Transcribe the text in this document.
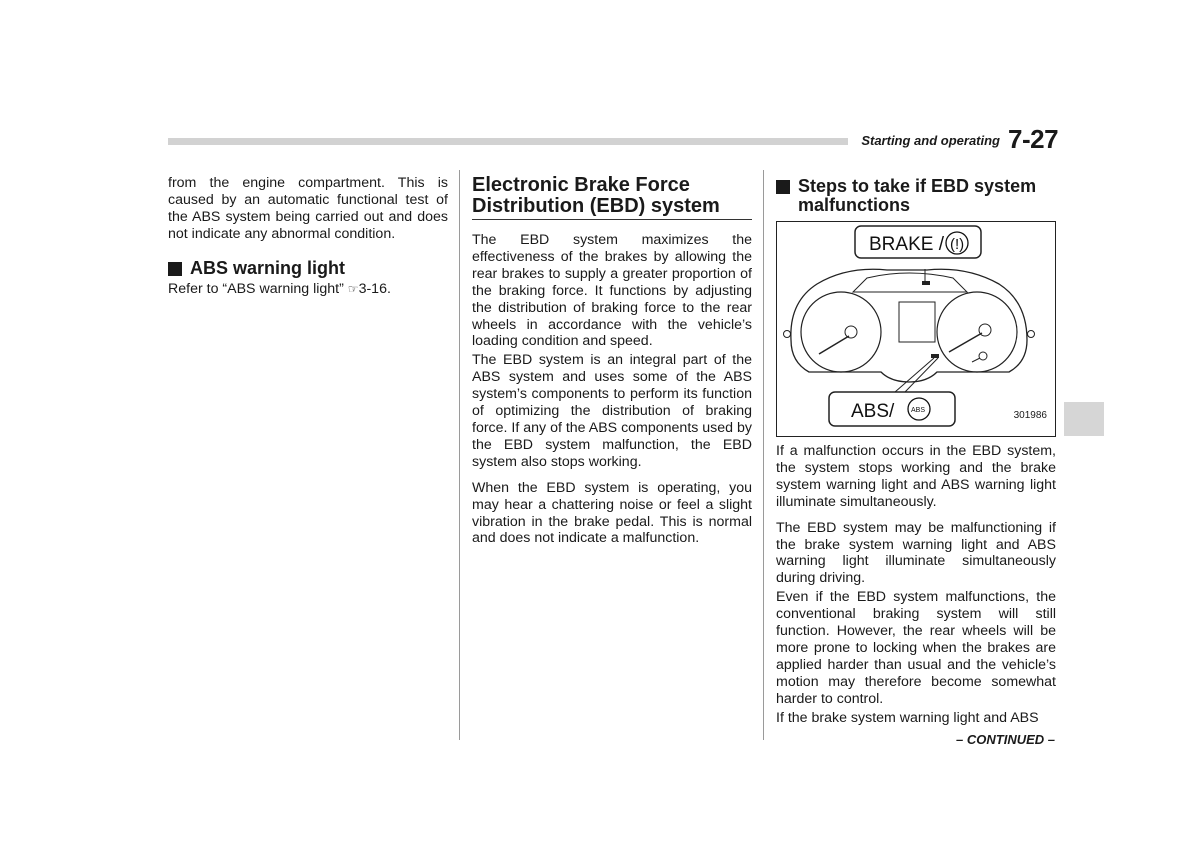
Starting and operating 7-27

from the engine compartment. This is caused by an automatic functional test of the ABS system being carried out and does not indicate any abnormal condition.

ABS warning light

Refer to “ABS warning light” ☞3-16.

Electronic Brake Force Distribution (EBD) system

The EBD system maximizes the effectiveness of the brakes by allowing the rear brakes to supply a greater proportion of the braking force. It functions by adjusting the distribution of braking force to the rear wheels in accordance with the vehicle’s loading condition and speed.

The EBD system is an integral part of the ABS system and uses some of the ABS system’s components to perform its function of optimizing the distribution of braking force. If any of the ABS components used by the EBD system malfunction, the EBD system also stops working.

When the EBD system is operating, you may hear a chattering noise or feel a slight vibration in the brake pedal. This is normal and does not indicate a malfunction.

Steps to take if EBD system malfunctions
BRAKE / (!)
ABS/ ABS	301986

If a malfunction occurs in the EBD system, the system stops working and the brake system warning light and ABS warning light illuminate simultaneously.

The EBD system may be malfunctioning if the brake system warning light and ABS warning light illuminate simultaneously during driving.

Even if the EBD system malfunctions, the conventional braking system will still function. However, the rear wheels will be more prone to locking when the brakes are applied harder than usual and the vehicle’s motion may therefore become somewhat harder to control.

If the brake system warning light and ABS

– CONTINUED –
